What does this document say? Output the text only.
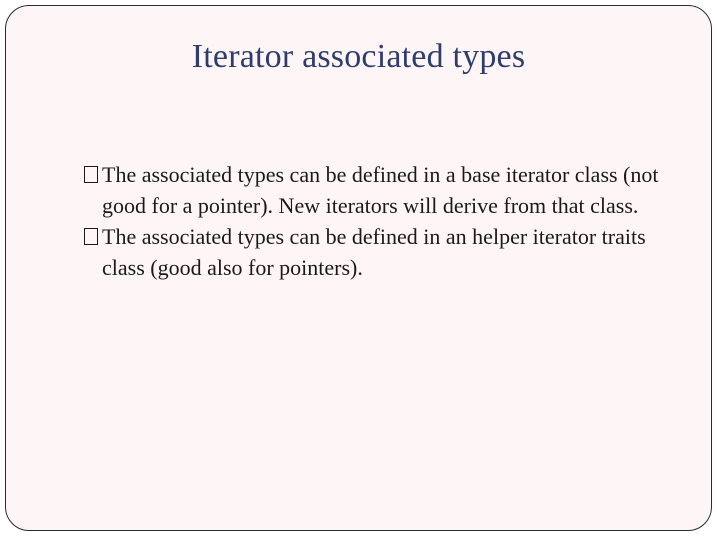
Iterator associated types
The associated types can be defined in a base iterator class (not good for a pointer). New iterators will derive from that class.
The associated types can be defined in an helper iterator traits class (good also for pointers).
